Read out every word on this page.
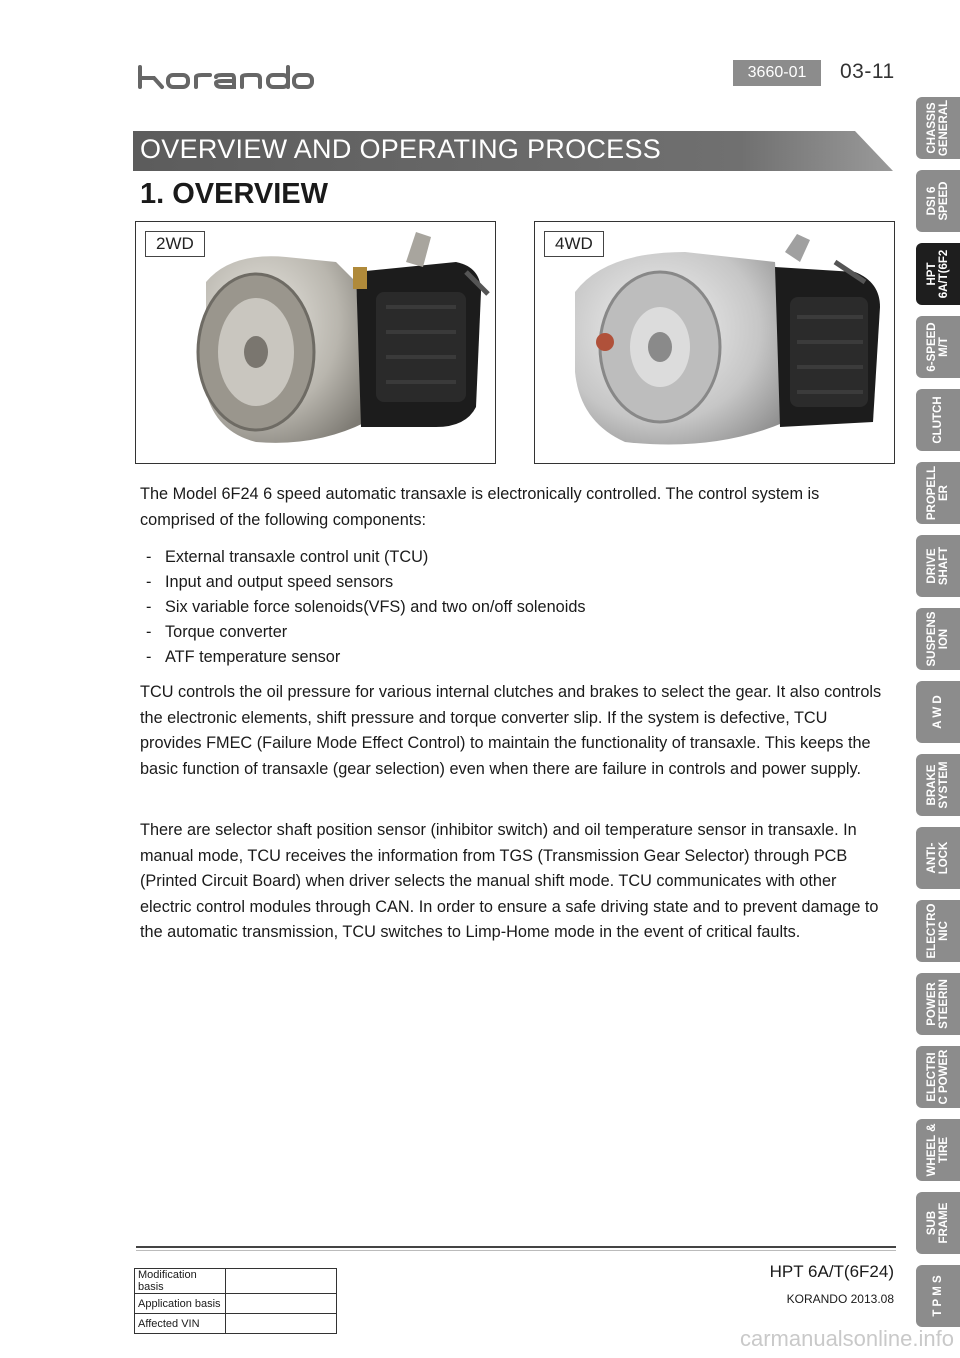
3660-01	03-11
OVERVIEW AND OPERATING PROCESS
1. OVERVIEW
2WD	4WD
The Model 6F24 6 speed automatic transaxle is electronically controlled. The control system is comprised of the following components:
- External transaxle control unit (TCU)
- Input and output speed sensors
- Six variable force solenoids(VFS) and two on/off solenoids
- Torque converter
- ATF temperature sensor
TCU controls the oil pressure for various internal clutches and brakes to select the gear. It also controls the electronic elements, shift pressure and torque converter slip. If the system is defective, TCU provides FMEC (Failure Mode Effect Control) to maintain the functionality of transaxle. This keeps the basic function of transaxle (gear selection) even when there are failure in controls and power supply.
There are selector shaft position sensor (inhibitor switch) and oil temperature sensor in transaxle. In manual mode, TCU receives the information from TGS (Transmission Gear Selector) through PCB (Printed Circuit Board) when driver selects the manual shift mode. TCU communicates with other electric control modules through CAN. In order to ensure a safe driving state and to prevent damage to the automatic transmission, TCU switches to Limp-Home mode in the event of critical faults.
CHASSIS GENERAL
DSI 6 SPEED
HPT 6A/T(6F2
6-SPEED M/T
CLUTCH
PROPELL ER
DRIVE SHAFT
SUSPENS ION
A W D
BRAKE SYSTEM
ANTI- LOCK
ELECTRO NIC
POWER STEERIN
ELECTRI C POWER
WHEEL & TIRE
SUB FRAME
T P M S
Modification basis	
Application basis	
Affected VIN	
HPT 6A/T(6F24)
KORANDO 2013.08
carmanualsonline.info
